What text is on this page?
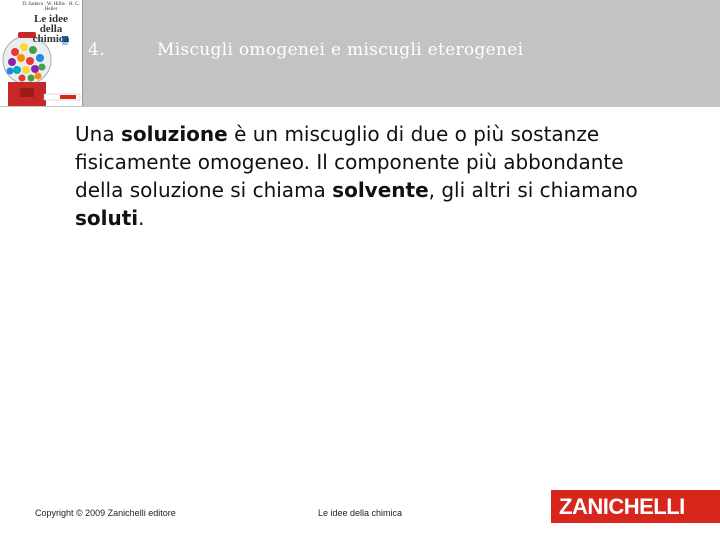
D. Sadava · W. Hillis · H. C. Heller
Le idee
della
chimica
4.	Miscugli omogenei e miscugli eterogenei
Una soluzione è un miscuglio di due o più sostanze fisicamente omogeneo. Il componente più abbondante della soluzione si chiama solvente, gli altri si chiamano soluti.
Copyright © 2009 Zanichelli editore	Le idee della chimica	ZANICHELLI
